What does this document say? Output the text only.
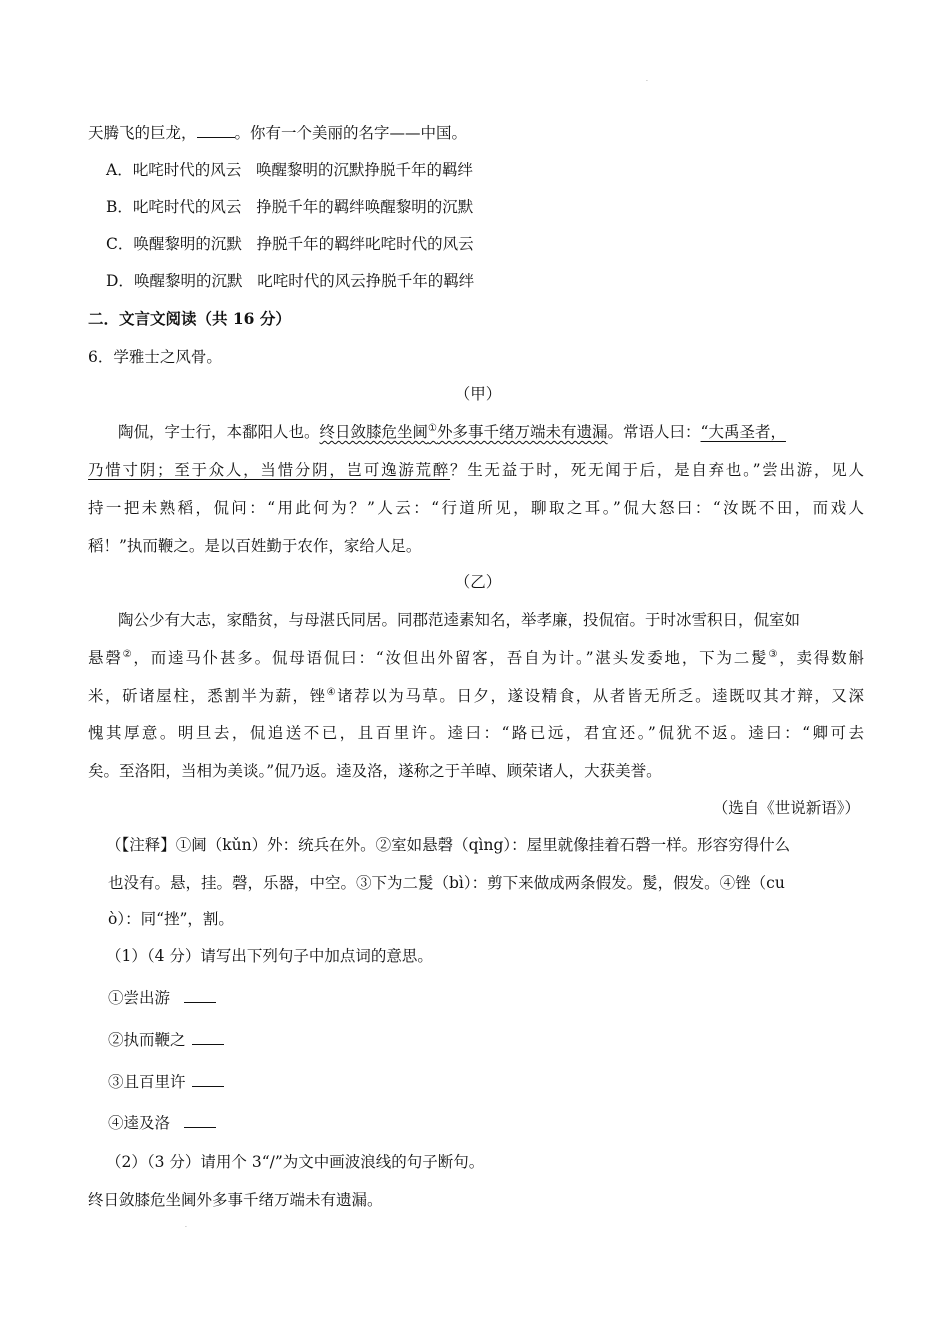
.
天腾飞的巨龙， 。你有一个美丽的名字——中国。
A．叱咤时代的风云 唤醒黎明的沉默挣脱千年的羁绊
B．叱咤时代的风云 挣脱千年的羁绊唤醒黎明的沉默
C．唤醒黎明的沉默 挣脱千年的羁绊叱咤时代的风云
D．唤醒黎明的沉默 叱咤时代的风云挣脱千年的羁绊
二．文言文阅读（共 16 分）
6．学雅士之风骨。
（甲）
陶侃，字士行，本鄱阳人也。终日敛膝危坐阃①外多事千绪万端未有遗漏。常语人曰：“大禹圣者，
乃惜寸阴；至于众人，当惜分阴，岂可逸游荒醉？生无益于时，死无闻于后，是自弃也。”尝出游，见人
持一把未熟稻，侃问：“用此何为？”人云：“行道所见，聊取之耳。”侃大怒曰：“汝既不田，而戏人
稻！”执而鞭之。是以百姓勤于农作，家给人足。
（乙）
陶公少有大志，家酷贫，与母湛氏同居。同郡范逵素知名，举孝廉，投侃宿。于时冰雪积日，侃室如
悬磬②，而逵马仆甚多。侃母语侃曰：“汝但出外留客，吾自为计。”湛头发委地，下为二髲③，卖得数斛
米，斫诸屋柱，悉割半为薪，锉④诸荐以为马草。日夕，遂设精食，从者皆无所乏。逵既叹其才辩，又深
愧其厚意。明旦去，侃追送不已，且百里许。逵曰：“路已远，君宜还。”侃犹不返。逵曰：“卿可去
矣。至洛阳，当相为美谈。”侃乃返。逵及洛，遂称之于羊晫、顾荣诸人，大获美誉。
（选自《世说新语》）
（【注释】①阃（kǔn）外：统兵在外。②室如悬磬（qìng）：屋里就像挂着石磬一样。形容穷得什么
也没有。悬，挂。磬，乐器，中空。③下为二髲（bì）：剪下来做成两条假发。髲，假发。④锉（cu
ò）：同“挫”，割。
（1）（4 分）请写出下列句子中加点词的意思。
①尝出游
②执而鞭之
③且百里许
④逵及洛
（2）（3 分）请用个 3“/”为文中画波浪线的句子断句。
终日敛膝危坐阃外多事千绪万端未有遗漏。
.
